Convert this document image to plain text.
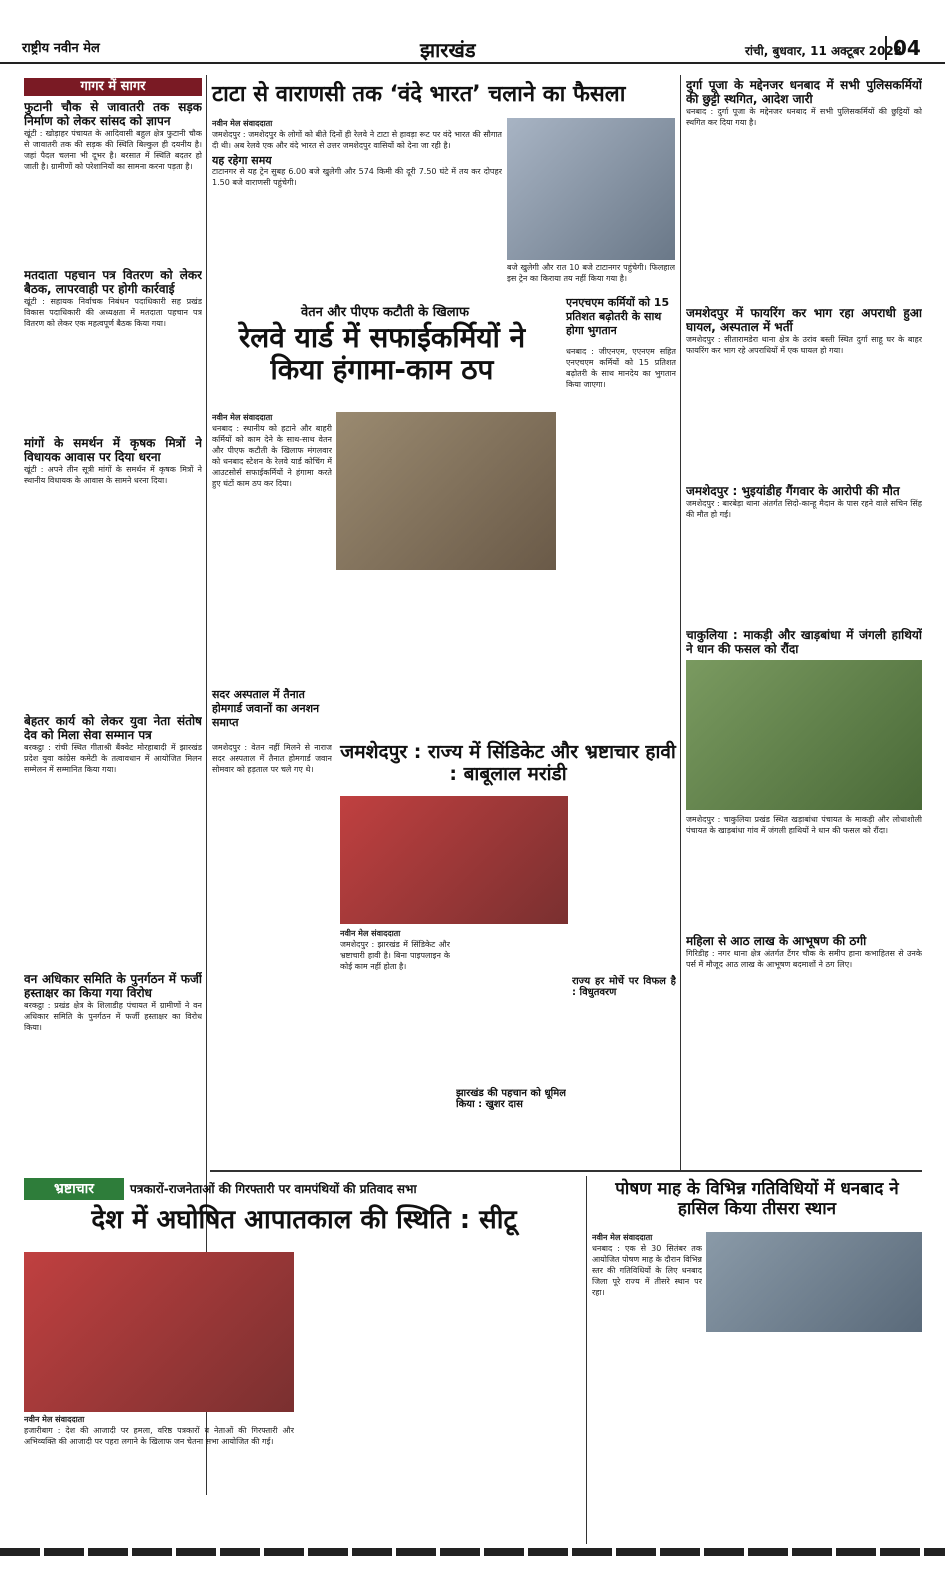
राष्ट्रीय नवीन मेल	झारखंड	रांची, बुधवार, 11 अक्टूबर 2023
04
गागर में सागर
फुटानी चौक से जावातरी तक सड़क निर्माण को लेकर सांसद को ज्ञापन
खूंटी : खोड़ाहर पंचायत के आदिवासी बहुल क्षेत्र फुटानी चौक से जावातरी तक की सड़क की स्थिति बिल्कुल ही दयनीय है। जहां पैदल चलना भी दूभर है। बरसात में स्थिति बदतर हो जाती है। ग्रामीणों को परेशानियों का सामना करना पड़ता है।
मतदाता पहचान पत्र वितरण को लेकर बैठक, लापरवाही पर होगी कार्रवाई
खूंटी : सहायक निर्वाचक निबंधन पदाधिकारी सह प्रखंड विकास पदाधिकारी की अध्यक्षता में मतदाता पहचान पत्र वितरण को लेकर एक महत्वपूर्ण बैठक किया गया।
मांगों के समर्थन में कृषक मित्रों ने विधायक आवास पर दिया धरना
खूंटी : अपने तीन सूत्री मांगों के समर्थन में कृषक मित्रों ने स्थानीय विधायक के आवास के सामने धरना दिया।
बेहतर कार्य को लेकर युवा नेता संतोष देव को मिला सेवा सम्मान पत्र
बरकट्ठा : रांची स्थित गीताश्री बैंक्वेट मोरहाबादी में झारखंड प्रदेश युवा कांग्रेस कमेटी के तत्वावधान में आयोजित मिलन सम्मेलन में सम्मानित किया गया।
वन अधिकार समिति के पुनर्गठन में फर्जी हस्ताक्षर का किया गया विरोध
बरकट्ठा : प्रखंड क्षेत्र के शिलाडीह पंचायत में ग्रामीणों ने वन अधिकार समिति के पुनर्गठन में फर्जी हस्ताक्षर का विरोध किया।
टाटा से वाराणसी तक ‘वंदे भारत’ चलाने का फैसला
नवीन मेल संवाददाता
जमशेदपुर : जमशेदपुर के लोगों को बीते दिनों ही रेलवे ने टाटा से हावड़ा रूट पर वंदे भारत की सौगात दी थी। अब रेलवे एक और वंदे भारत से उत्तर जमशेदपुर वासियों को देना जा रही है।
यह रहेगा समय
टाटानगर से यह ट्रेन सुबह 6.00 बजे खुलेगी और 574 किमी की दूरी 7.50 घंटे में तय कर दोपहर 1.50 बजे वाराणसी पहुंचेगी।
बजे खुलेगी और रात 10 बजे टाटानगर पहुंचेगी। फिलहाल इस ट्रेन का किराया तय नहीं किया गया है।
वेतन और पीएफ कटौती के खिलाफ
रेलवे यार्ड में सफाईकर्मियों ने किया हंगामा-काम ठप
नवीन मेल संवाददाता
धनबाद : स्थानीय को हटाने और बाहरी कर्मियों को काम देने के साथ-साथ वेतन और पीएफ कटौती के खिलाफ मंगलवार को धनबाद स्टेशन के रेलवे यार्ड कोचिंग में आउटसोर्स सफाईकर्मियों ने हंगामा करते हुए घंटों काम ठप कर दिया।
एनएचएम कर्मियों को 15 प्रतिशत बढ़ोतरी के साथ होगा भुगतान
धनबाद : जीएनएम, एएनएम सहित एनएचएम कर्मियों को 15 प्रतिशत बढ़ोतरी के साथ मानदेय का भुगतान किया जाएगा।
सदर अस्पताल में तैनात होमगार्ड जवानों का अनशन समाप्त
जमशेदपुर : वेतन नहीं मिलने से नाराज सदर अस्पताल में तैनात होमगार्ड जवान सोमवार को हड़ताल पर चले गए थे।
जमशेदपुर : राज्य में सिंडिकेट और भ्रष्टाचार हावी : बाबूलाल मरांडी
नवीन मेल संवाददाता
जमशेदपुर : झारखंड में सिंडिकेट और भ्रष्टाचारी हावी है। बिना पाइपलाइन के कोई काम नहीं होता है।
झारखंड की पहचान को धूमिल किया : खुशर दास
राज्य हर मोर्चे पर विफल है : विधुतवरण
दुर्गा पूजा के मद्देनजर धनबाद में सभी पुलिसकर्मियों की छुट्टी स्थगित, आदेश जारी
धनबाद : दुर्गा पूजा के मद्देनजर धनबाद में सभी पुलिसकर्मियों की छुट्टियों को स्थगित कर दिया गया है।
जमशेदपुर में फायरिंग कर भाग रहा अपराधी हुआ घायल, अस्पताल में भर्ती
जमशेदपुर : सीतारामडेरा थाना क्षेत्र के उरांव बस्ती स्थित दुर्गा साहू घर के बाहर फायरिंग कर भाग रहे अपराधियों में एक घायल हो गया।
जमशेदपुर : भुइयांडीह गैंगवार के आरोपी की मौत
जमशेदपुर : बारबेड़ा थाना अंतर्गत सिदो-कान्हू मैदान के पास रहने वाले सचिन सिंह की मौत हो गई।
चाकुलिया : माकड़ी और खाड़बांधा में जंगली हाथियों ने धान की फसल को रौंदा
जमशेदपुर : चाकुलिया प्रखंड स्थित खड़ाबांधा पंचायत के माकड़ी और लोधाशोली पंचायत के खाड़बांधा गांव में जंगली हाथियों ने धान की फसल को रौंदा।
महिला से आठ लाख के आभूषण की ठगी
गिरिडीह : नगर थाना क्षेत्र अंतर्गत टैंगर चौक के समीप हाना कभाहितस से उनके पर्स में मौजूद आठ लाख के आभूषण बदमाशों ने ठग लिए।
भ्रष्टाचार	पत्रकारों-राजनेताओं की गिरफ्तारी पर वामपंथियों की प्रतिवाद सभा
देश में अघोषित आपातकाल की स्थिति : सीटू
नवीन मेल संवाददाता
हजारीबाग : देश की आजादी पर हमला, वरिष्ठ पत्रकारों व नेताओं की गिरफ्तारी और अभिव्यक्ति की आजादी पर पहरा लगाने के खिलाफ जन चेतना सभा आयोजित की गई।
पोषण माह के विभिन्न गतिविधियों में धनबाद ने हासिल किया तीसरा स्थान
नवीन मेल संवाददाता
धनबाद : एक से 30 सितंबर तक आयोजित पोषण माह के दौरान विभिन्न स्तर की गतिविधियों के लिए धनबाद जिला पूरे राज्य में तीसरे स्थान पर रहा।
